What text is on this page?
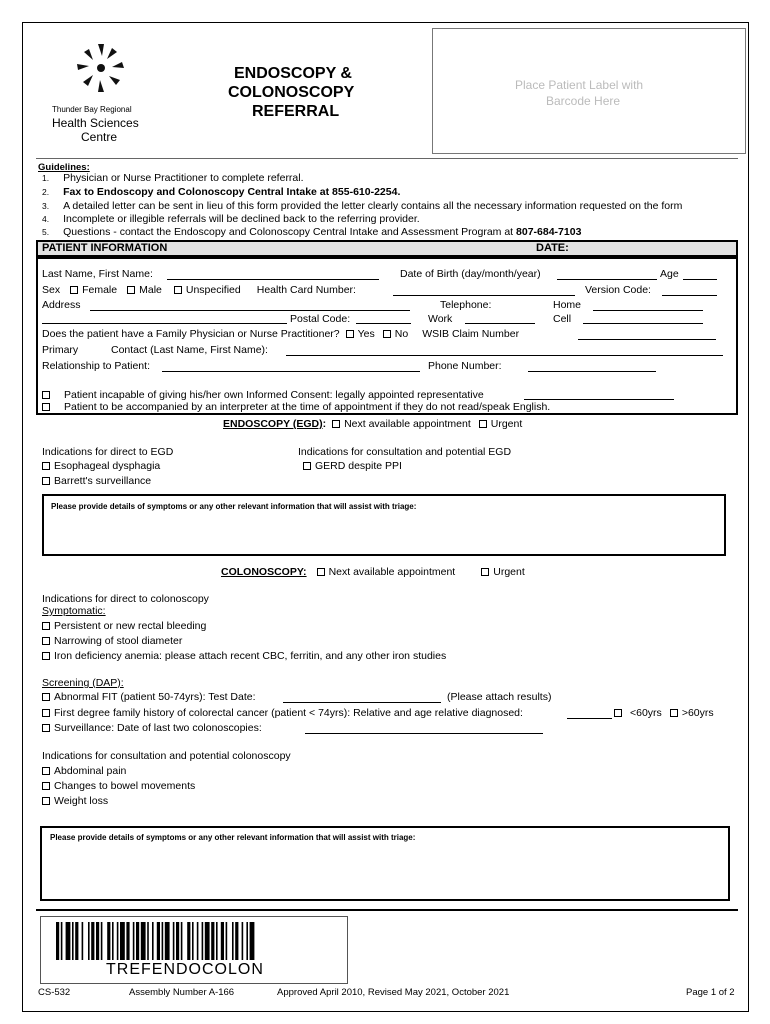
Thunder Bay Regional
Health Sciences
Centre
ENDOSCOPY &
COLONOSCOPY
REFERRAL
Place Patient Label with
Barcode Here
Guidelines:
1. Physician or Nurse Practitioner to complete referral.
2. Fax to Endoscopy and Colonoscopy Central Intake at 855-610-2254.
3. A detailed letter can be sent in lieu of this form provided the letter clearly contains all the necessary information requested on the form
4. Incomplete or illegible referrals will be declined back to the referring provider.
5. Questions - contact the Endoscopy and Colonoscopy Central Intake and Assessment Program at 807-684-7103
PATIENT INFORMATION	DATE:
Last Name, First Name:	Date of Birth (day/month/year)	Age
Sex Female Male Unspecified Health Card Number:	Version Code:
Address	Telephone:	Home
Postal Code:	Work	Cell
Does the patient have a Family Physician or Nurse Practitioner? Yes No WSIB Claim Number
Primary	Contact (Last Name, First Name):
Relationship to Patient:	Phone Number:
Patient incapable of giving his/her own Informed Consent: legally appointed representative
Patient to be accompanied by an interpreter at the time of appointment if they do not read/speak English.
ENDOSCOPY (EGD): Next available appointment Urgent
Indications for direct to EGD
Esophageal dysphagia
Barrett's surveillance
Indications for consultation and potential EGD
GERD despite PPI
Please provide details of symptoms or any other relevant information that will assist with triage:
COLONOSCOPY: Next available appointment	Urgent
Indications for direct to colonoscopy
Symptomatic:
Persistent or new rectal bleeding
Narrowing of stool diameter
Iron deficiency anemia: please attach recent CBC, ferritin, and any other iron studies
Screening (DAP):
Abnormal FIT (patient 50-74yrs): Test Date:	(Please attach results)
First degree family history of colorectal cancer (patient < 74yrs): Relative and age relative diagnosed:	<60yrs >60yrs
Surveillance: Date of last two colonoscopies:
Indications for consultation and potential colonoscopy
Abdominal pain
Changes to bowel movements
Weight loss
Please provide details of symptoms or any other relevant information that will assist with triage:
TREFENDOCOLON
CS-532	Assembly Number A-166	Approved April 2010, Revised May 2021, October 2021	Page 1 of 2
